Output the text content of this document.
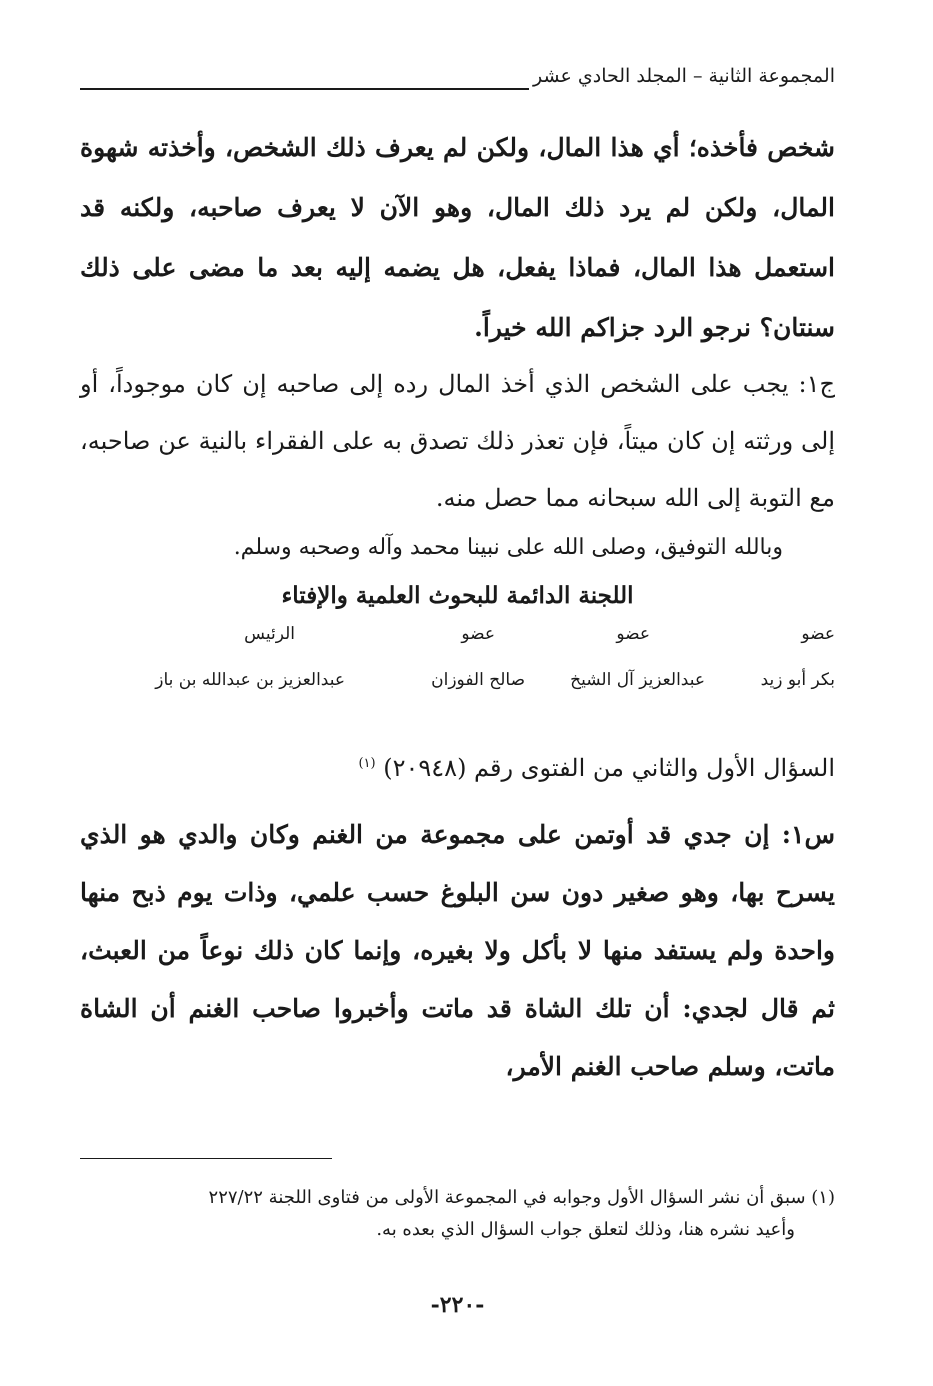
المجموعة الثانية – المجلد الحادي عشر
شخص فأخذه؛ أي هذا المال، ولكن لم يعرف ذلك الشخص، وأخذته شهوة المال، ولكن لم يرد ذلك المال، وهو الآن لا يعرف صاحبه، ولكنه قد استعمل هذا المال، فماذا يفعل، هل يضمه إليه بعد ما مضى على ذلك سنتان؟ نرجو الرد جزاكم الله خيراً.
ج١: يجب على الشخص الذي أخذ المال رده إلى صاحبه إن كان موجوداً، أو إلى ورثته إن كان ميتاً، فإن تعذر ذلك تصدق به على الفقراء بالنية عن صاحبه، مع التوبة إلى الله سبحانه مما حصل منه.
وبالله التوفيق، وصلى الله على نبينا محمد وآله وصحبه وسلم.
اللجنة الدائمة للبحوث العلمية والإفتاء
عضو
عضو
عضو
الرئيس
بكر أبو زيد
عبدالعزيز آل الشيخ
صالح الفوزان
عبدالعزيز بن عبدالله بن باز
السؤال الأول والثاني من الفتوى رقم (٢٠٩٤٨) $^{(١)}$
س١: إن جدي قد أوتمن على مجموعة من الغنم وكان والدي هو الذي يسرح بها، وهو صغير دون سن البلوغ حسب علمي، وذات يوم ذبح منها واحدة ولم يستفد منها لا بأكل ولا بغيره، وإنما كان ذلك نوعاً من العبث، ثم قال لجدي: أن تلك الشاة قد ماتت وأخبروا صاحب الغنم أن الشاة ماتت، وسلم صاحب الغنم الأمر،
(١) سبق أن نشر السؤال الأول وجوابه في المجموعة الأولى من فتاوى اللجنة ٢٢٧/٢٢
وأعيد نشره هنا، وذلك لتعلق جواب السؤال الذي بعده به.
-٢٢٠-
